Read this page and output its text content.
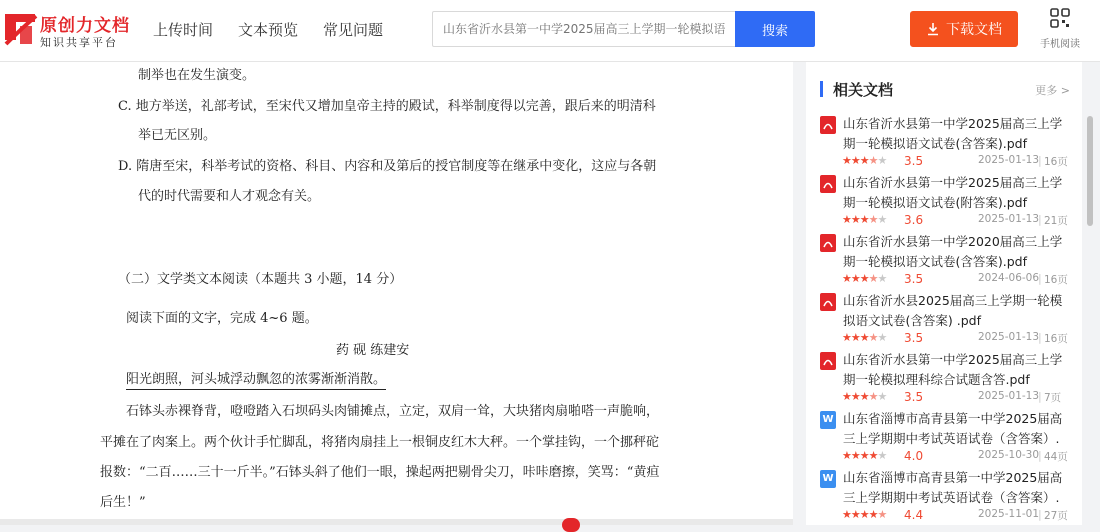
原创力文档
知识共享平台
上传时间 文本预览 常见问题
山东省沂水县第一中学2025届高三上学期一轮模拟语	搜索	下载文档
手机阅读
制举也在发生演变。
C. 地方举送，礼部考试，至宋代又增加皇帝主持的殿试，科举制度得以完善，跟后来的明清科
举已无区别。
D. 隋唐至宋，科举考试的资格、科目、内容和及第后的授官制度等在继承中变化，这应与各朝
代的时代需要和人才观念有关。
（二）文学类文本阅读（本题共 3 小题，14 分）
阅读下面的文字，完成 4~6 题。
药 砚 练建安
阳光朗照，河头城浮动飘忽的浓雾渐渐消散。
石钵头赤裸脊背，噔噔踏入石坝码头肉铺摊点，立定，双肩一耸，大块猪肉扇啪嗒一声脆响，
平摊在了肉案上。两个伙计手忙脚乱，将猪肉扇挂上一根铜皮红木大秤。一个掌挂钩，一个挪秤砣
报数：“二百……三十一斤半。”石钵头斜了他们一眼，操起两把剔骨尖刀，咔咔磨擦，笑骂：“黄疸
后生！”
相关文档	更多 >
山东省沂水县第一中学2025届高三上学期一轮模拟语文试卷(含答案).pdf
★★★★★ 3.5	2025-01-13
| 16页
山东省沂水县第一中学2025届高三上学期一轮模拟语文试卷(附答案).pdf
★★★★★ 3.6	2025-01-13
| 21页
山东省沂水县第一中学2020届高三上学期一轮模拟语文试卷(含答案).pdf
★★★★★ 3.5	2024-06-06
| 16页
山东省沂水县2025届高三上学期一轮模拟语文试卷(含答案) .pdf
★★★★★ 3.5	2025-01-13
| 16页
山东省沂水县第一中学2025届高三上学期一轮模拟理科综合试题含答.pdf
★★★★★ 3.5	2025-01-13
| 7页
W 山东省淄博市高青县第一中学2025届高三上学期期中考试英语试卷（含答案）.
★★★★★ 4.0	2025-10-30
| 44页
W 山东省淄博市高青县第一中学2025届高三上学期期中考试英语试卷（含答案）.
★★★★★ 4.4	2025-11-01
| 27页
